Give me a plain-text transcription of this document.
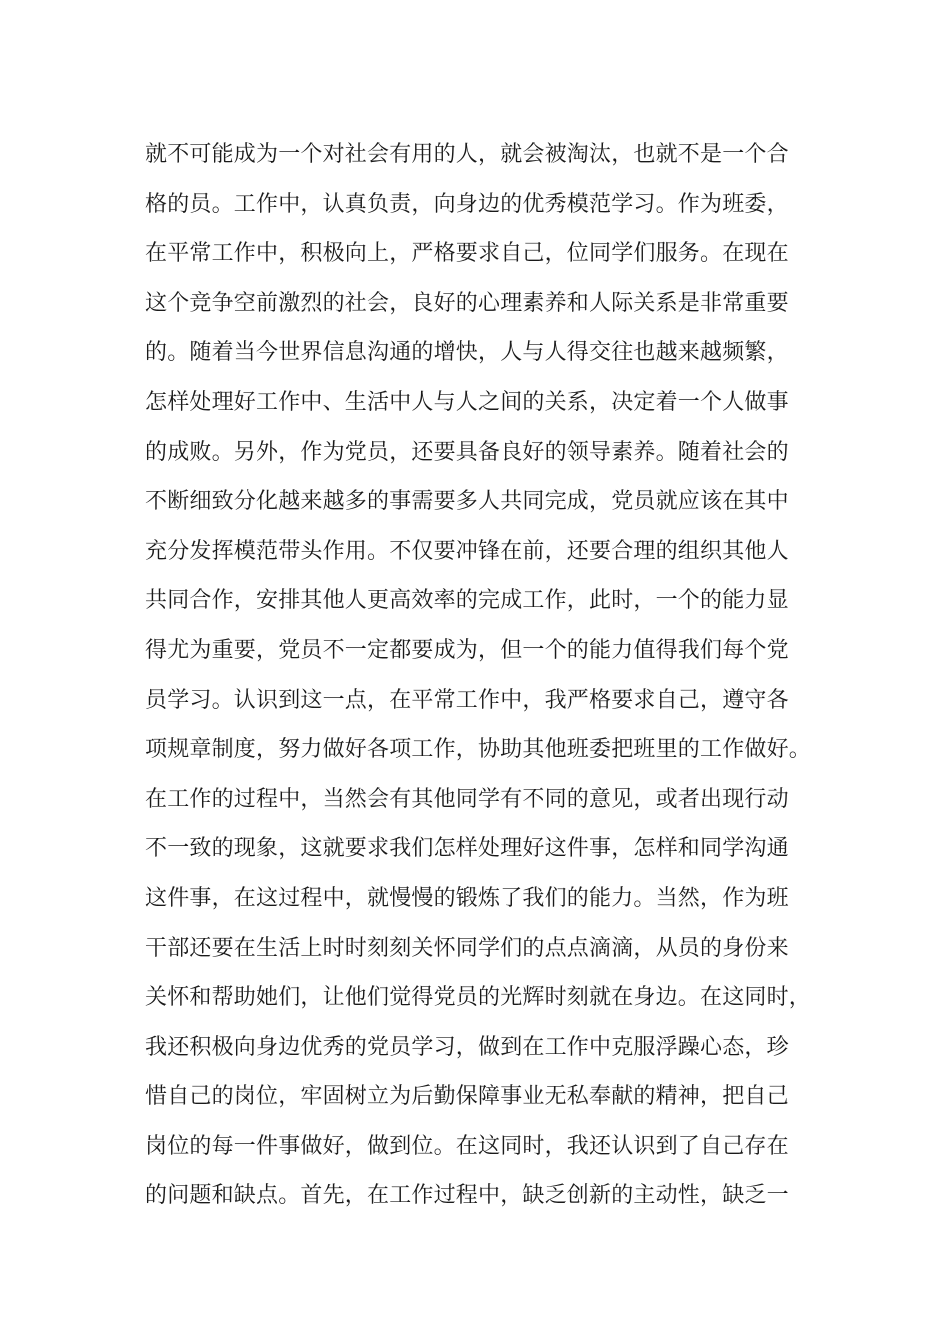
就不可能成为一个对社会有用的人，就会被淘汰，也就不是一个合
格的员。工作中，认真负责，向身边的优秀模范学习。作为班委，
在平常工作中，积极向上，严格要求自己，位同学们服务。在现在
这个竞争空前激烈的社会，良好的心理素养和人际关系是非常重要
的。随着当今世界信息沟通的增快，人与人得交往也越来越频繁，
怎样处理好工作中、生活中人与人之间的关系，决定着一个人做事
的成败。另外，作为党员，还要具备良好的领导素养。随着社会的
不断细致分化越来越多的事需要多人共同完成，党员就应该在其中
充分发挥模范带头作用。不仅要冲锋在前，还要合理的组织其他人
共同合作，安排其他人更高效率的完成工作，此时，一个的能力显
得尤为重要，党员不一定都要成为，但一个的能力值得我们每个党
员学习。认识到这一点，在平常工作中，我严格要求自己，遵守各
项规章制度，努力做好各项工作，协助其他班委把班里的工作做好。
在工作的过程中，当然会有其他同学有不同的意见，或者出现行动
不一致的现象，这就要求我们怎样处理好这件事，怎样和同学沟通
这件事，在这过程中，就慢慢的锻炼了我们的能力。当然，作为班
干部还要在生活上时时刻刻关怀同学们的点点滴滴，从员的身份来
关怀和帮助她们，让他们觉得党员的光辉时刻就在身边。在这同时，
我还积极向身边优秀的党员学习，做到在工作中克服浮躁心态，珍
惜自己的岗位，牢固树立为后勤保障事业无私奉献的精神，把自己
岗位的每一件事做好，做到位。在这同时，我还认识到了自己存在
的问题和缺点。首先，在工作过程中，缺乏创新的主动性，缺乏一
